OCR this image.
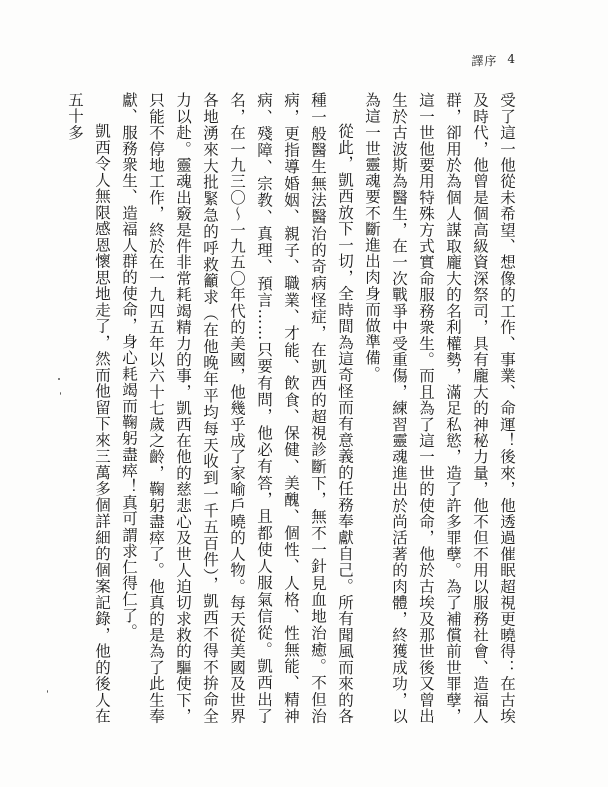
譯序 4

受了這一他從未希望、想像的工作、事業、命運！後來，他透過催眠超視更曉得：在古埃及時代，他曾是個高級資深祭司，具有龐大的神秘力量，他不但不用以服務社會、造福人群，卻用於為個人謀取龐大的名利權勢，滿足私慾，造了許多罪孽。為了補償前世罪孽，這一世他要用特殊方式實命服務衆生。而且為了這一世的使命，他於古埃及那世後又曾出生於古波斯為醫生，在一次戰爭中受重傷，練習靈魂進出於尚活著的肉體，終獲成功，以為這一世靈魂要不斷進出肉身而做準備。

從此，凱西放下一切，全時間為這奇怪而有意義的任務奉獻自己。所有聞風而來的各種一般醫生無法醫治的奇病怪症，在凱西的超視診斷下，無不一針見血地治癒。不但治病，更指導婚姻、親子、職業、才能、飲食、保健、美醜、個性、人格、性無能、精神病、殘障、宗教、真理、預言……只要有問，他必有答，且都使人服氣信從。凱西出了名，在一九三〇～一九五〇年代的美國，他幾乎成了家喻戶曉的人物。每天從美國及世界各地湧來大批緊急的呼救籲求（在他晚年平均每天收到一千五百件），凱西不得不拚命全力以赴。靈魂出竅是件非常耗竭精力的事，凱西在他的慈悲心及世人迫切求救的驅使下，只能不停地工作，終於在一九四五年以六十七歲之齡，鞠躬盡瘁了。他真的是為了此生奉獻、服務衆生、造福人群的使命，身心耗竭而鞠躬盡瘁！真可謂求仁得仁了。

凱西令人無限感恩懷思地走了，然而他留下來三萬多個詳細的個案記錄，他的後人在五十多
